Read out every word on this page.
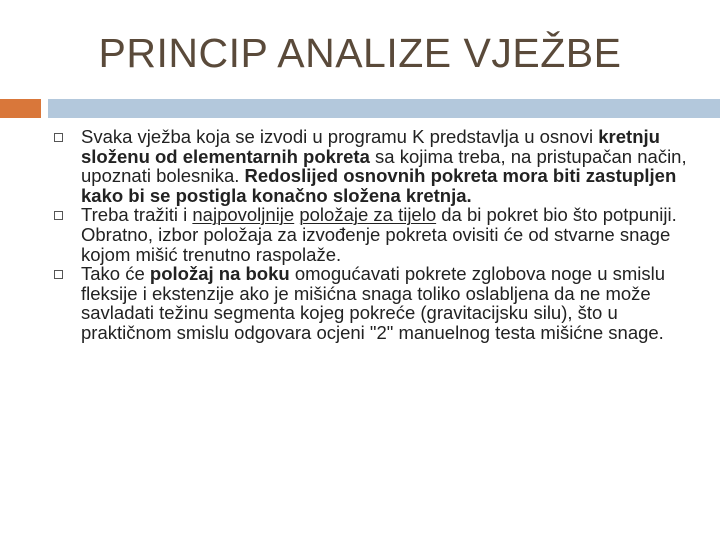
PRINCIP ANALIZE VJEŽBE
Svaka vježba koja se izvodi u programu K predstavlja u osnovi kretnju složenu od elementarnih pokreta sa kojima treba, na pristupačan način, upoznati bolesnika. Redoslijed osnovnih pokreta mora biti zastupljen kako bi se postigla konačno složena kretnja.
Treba tražiti i najpovoljnije položaje za tijelo da bi pokret bio što potpuniji. Obratno, izbor položaja za izvođenje pokreta ovisiti će od stvarne snage kojom mišić trenutno raspolaže.
Tako će položaj na boku omogućavati pokrete zglobova noge u smislu fleksije i ekstenzije ako je mišićna snaga toliko oslabljena da ne može savladati težinu segmenta kojeg pokreće (gravitacijsku silu), što u praktičnom smislu odgovara ocjeni "2" manuelnog testa mišićne snage.
